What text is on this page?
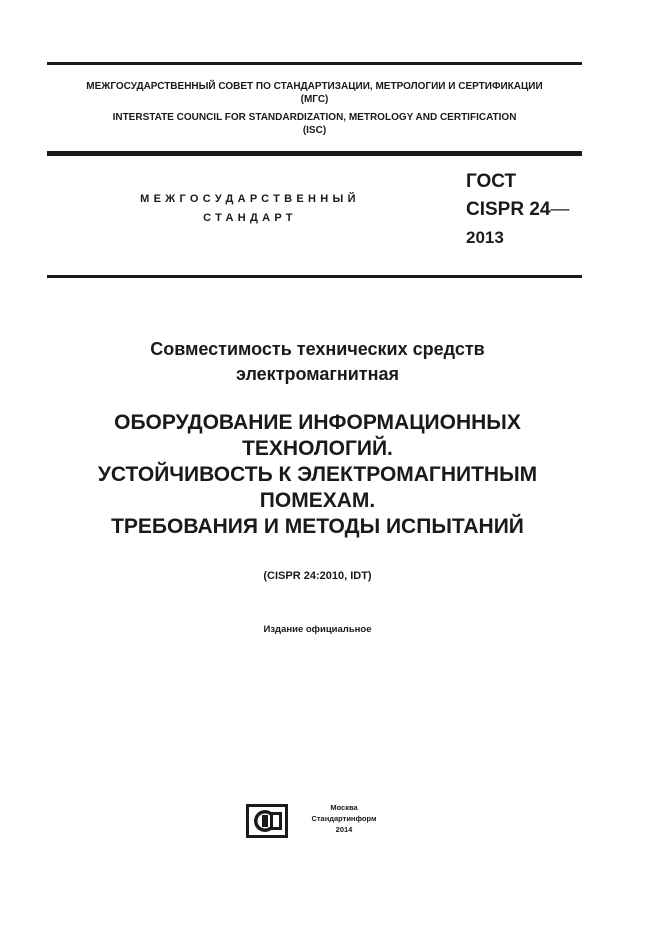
МЕЖГОСУДАРСТВЕННЫЙ СОВЕТ ПО СТАНДАРТИЗАЦИИ, МЕТРОЛОГИИ И СЕРТИФИКАЦИИ
(МГС)
INTERSTATE COUNCIL FOR STANDARDIZATION, METROLOGY AND CERTIFICATION
(ISC)
МЕЖГОСУДАРСТВЕННЫЙ
СТАНДАРТ
ГОСТ
CISPR 24—
2013
Совместимость технических средств
электромагнитная
ОБОРУДОВАНИЕ ИНФОРМАЦИОННЫХ
ТЕХНОЛОГИЙ.
УСТОЙЧИВОСТЬ К ЭЛЕКТРОМАГНИТНЫМ
ПОМЕХАМ.
ТРЕБОВАНИЯ И МЕТОДЫ ИСПЫТАНИЙ
(CISPR 24:2010, IDT)
Издание официальное
Москва
Стандартинформ
2014
